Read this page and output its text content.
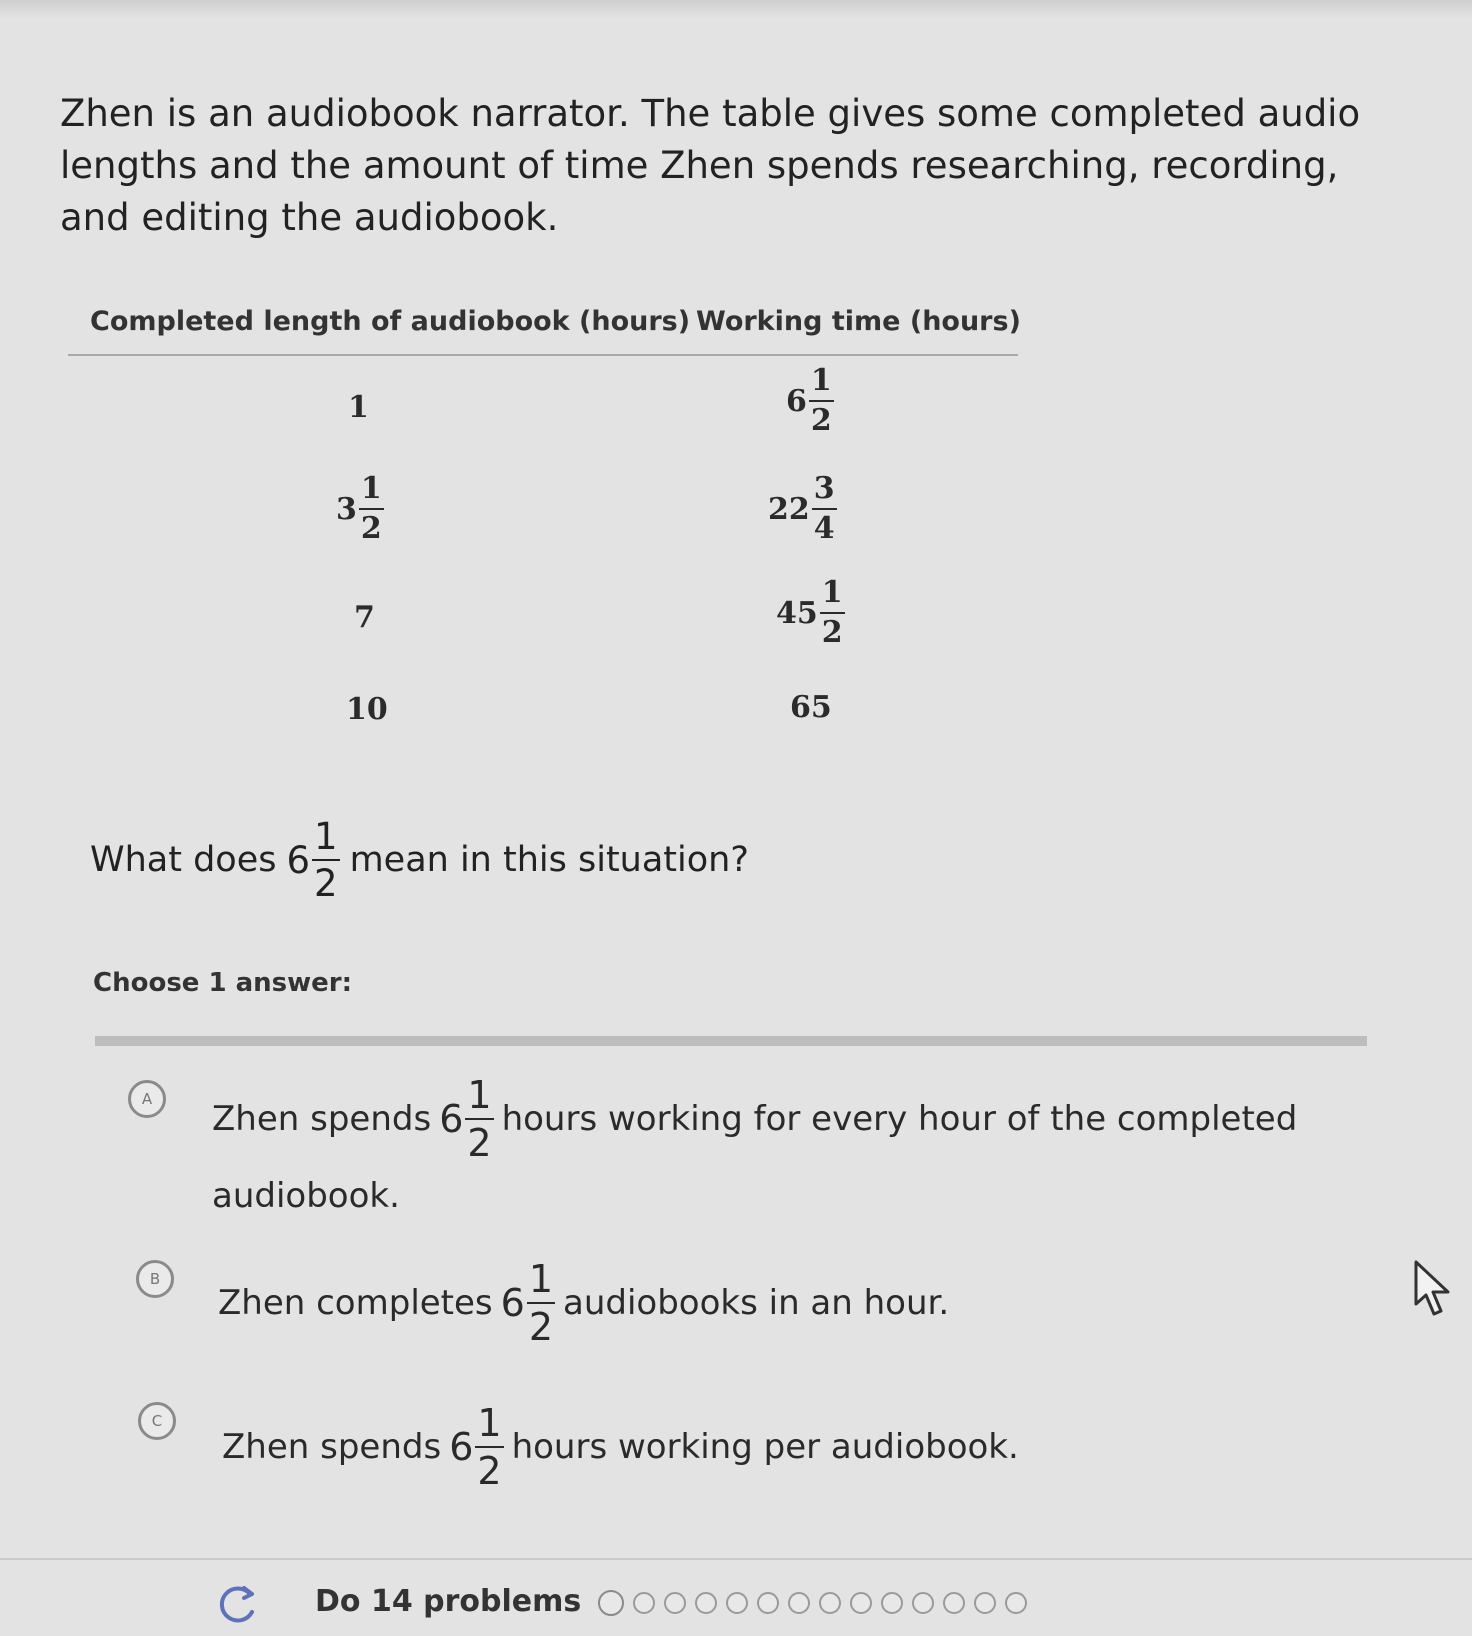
Zhen is an audiobook narrator. The table gives some completed audio lengths and the amount of time Zhen spends researching, recording, and editing the audiobook.

Completed length of audiobook (hours) Working time (hours)
1	$6 \frac{1}{2}$
$3 \frac{1}{2}$	$22 \frac{3}{4}$
7	$45 \frac{1}{2}$
10	65
What does $6 \frac{1}{2}$ mean in this situation?
Choose 1 answer:
A	Zhen spends $6 \frac{1}{2}$ hours working for every hour of the completed
audiobook.
B
Zhen completes $6 \frac{1}{2}$ audiobooks in an hour.
C
Zhen spends $6 \frac{1}{2}$ hours working per audiobook.
Do 14 problems
